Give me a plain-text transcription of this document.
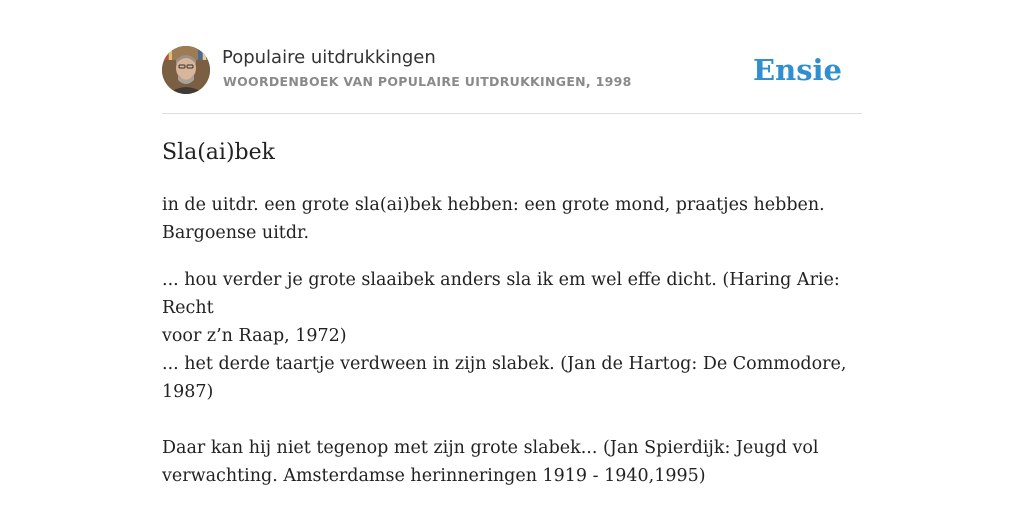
Populaire uitdrukkingen
WOORDENBOEK VAN POPULAIRE UITDRUKKINGEN, 1998	Ensie
Sla(ai)bek
in de uitdr. een grote sla(ai)bek hebben: een grote mond, praatjes hebben.
Bargoense uitdr.
... hou verder je grote slaaibek anders sla ik em wel effe dicht. (Haring Arie: Recht
voor z’n Raap, 1972)
... het derde taartje verdween in zijn slabek. (Jan de Hartog: De Commodore,
1987)
Daar kan hij niet tegenop met zijn grote slabek... (Jan Spierdijk: Jeugd vol
verwachting. Amsterdamse herinneringen 1919 - 1940,1995)
